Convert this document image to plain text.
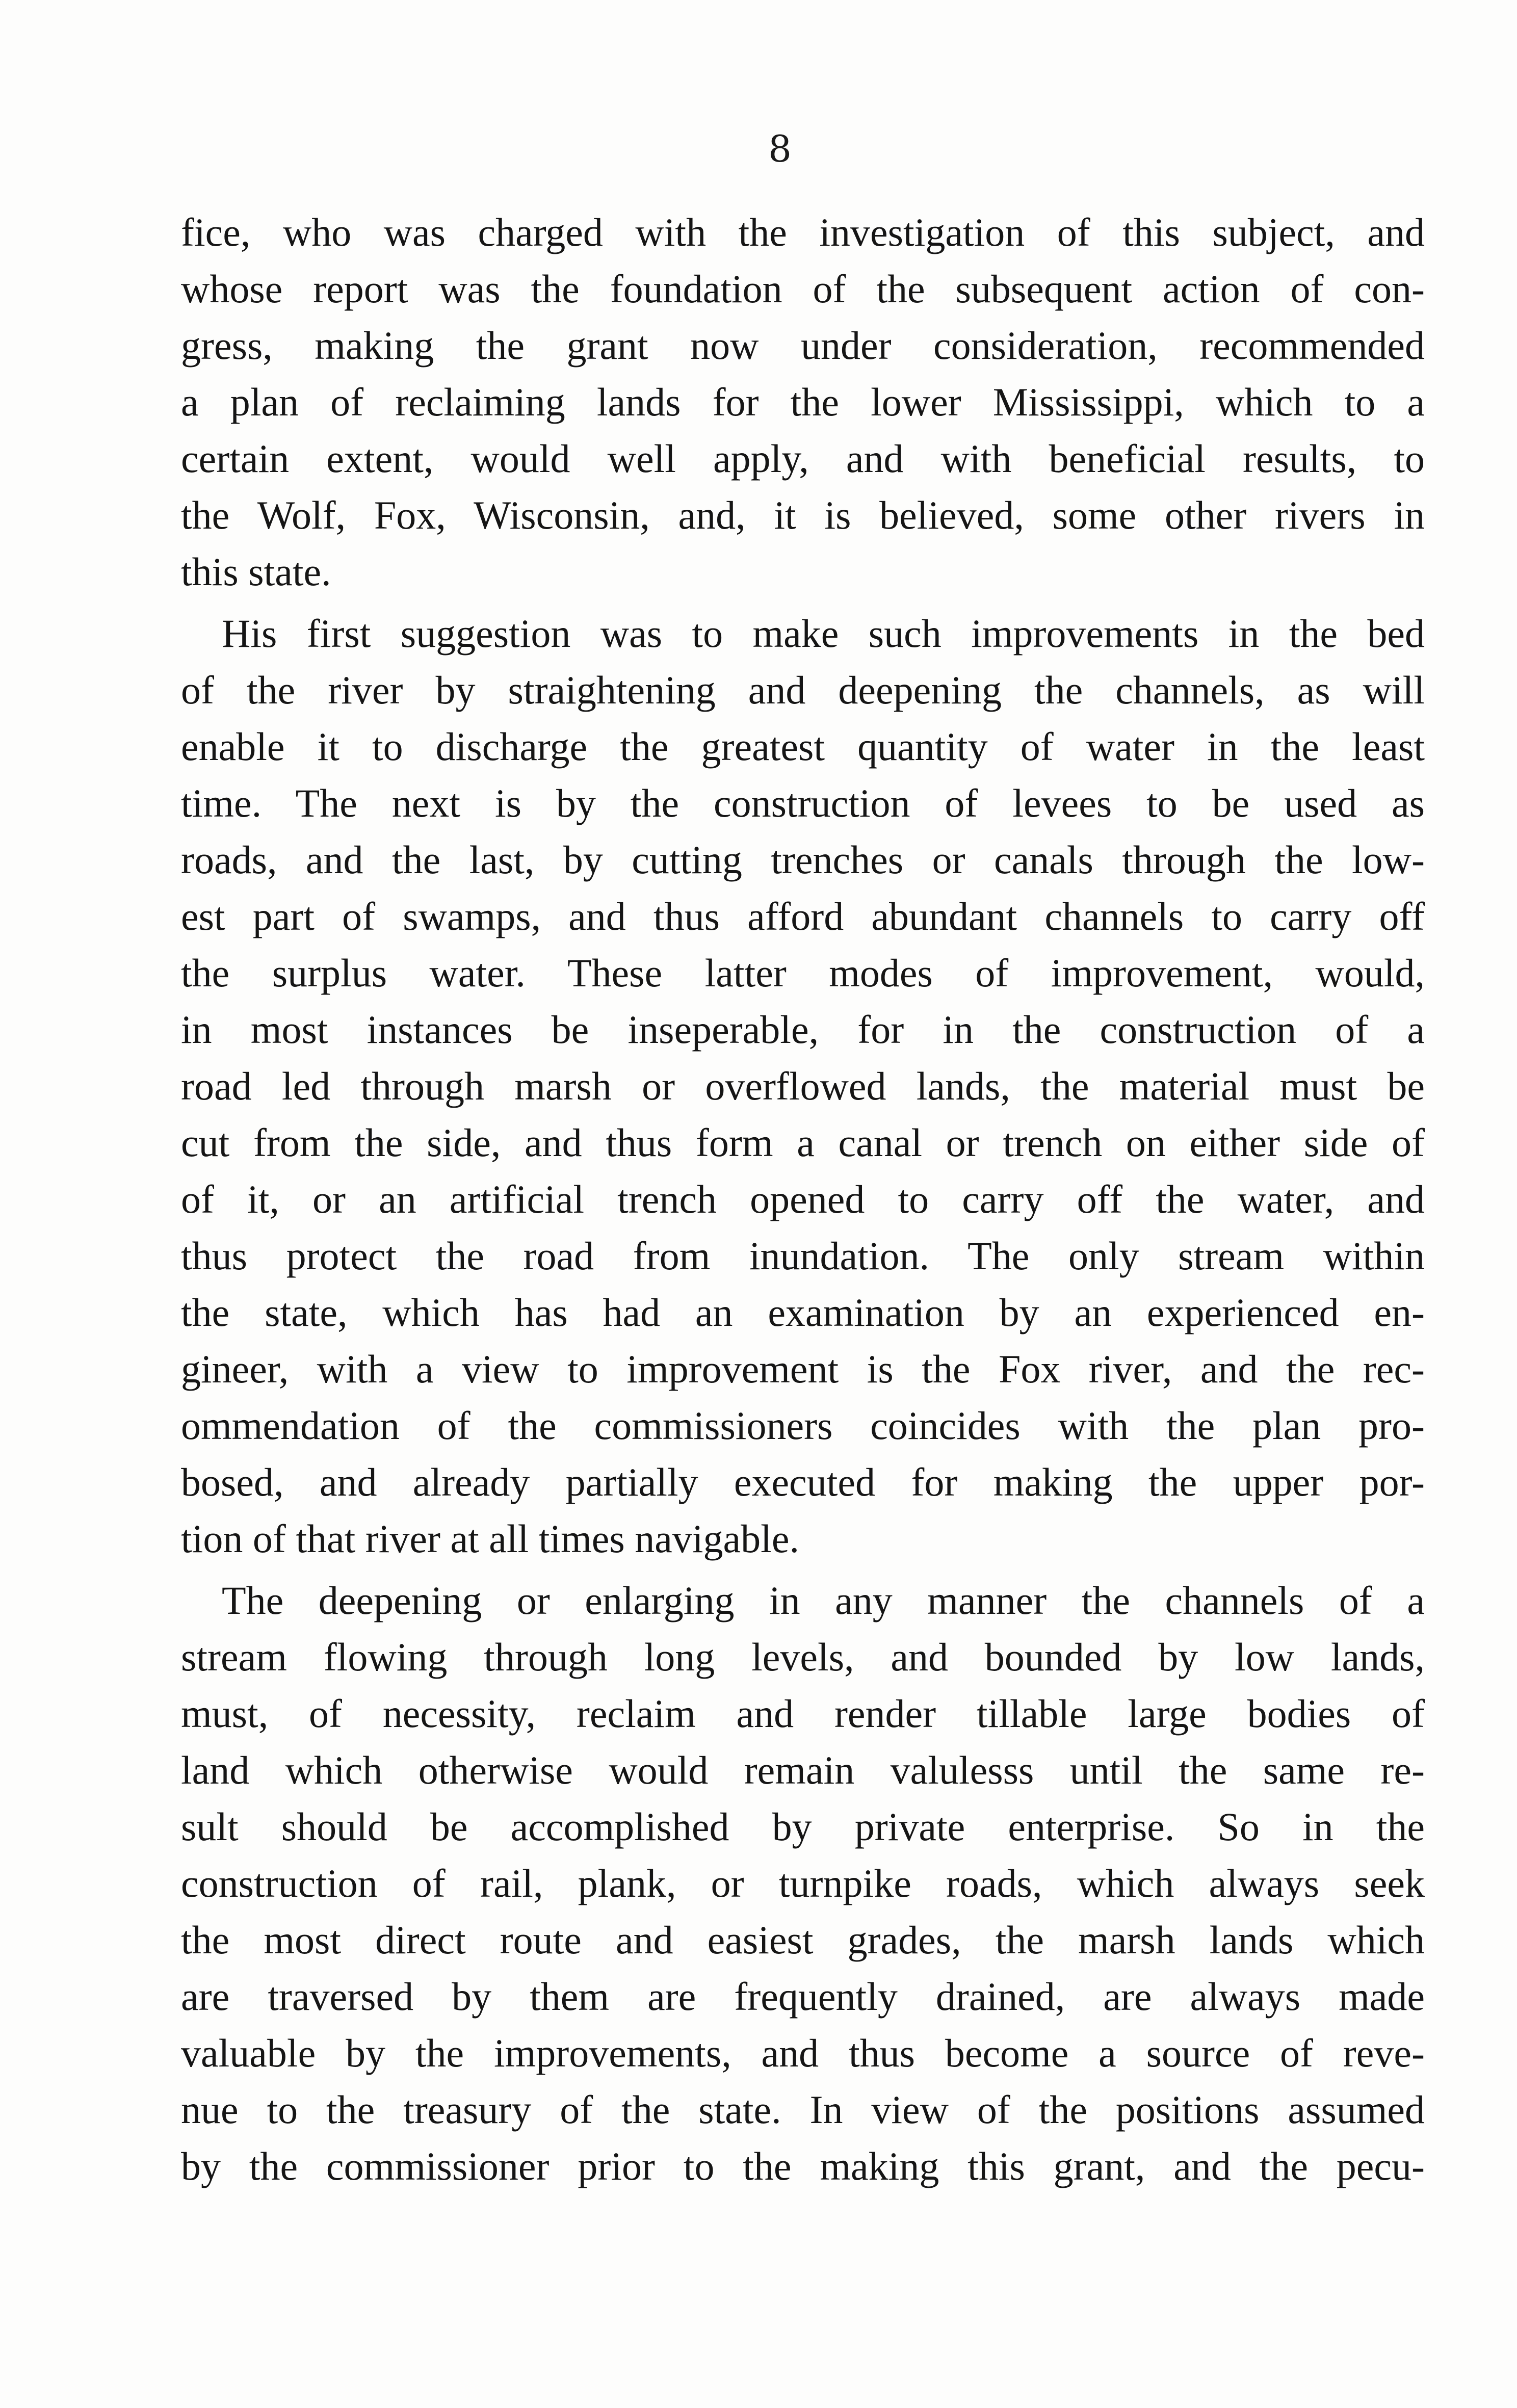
8
fice, who was charged with the investigation of this subject, and
whose report was the foundation of the subsequent action of con-
gress, making the grant now under consideration, recommended
a plan of reclaiming lands for the lower Mississippi, which to a
certain extent, would well apply, and with beneficial results, to
the Wolf, Fox, Wisconsin, and, it is believed, some other rivers in
this state.
His first suggestion was to make such improvements in the bed
of the river by straightening and deepening the channels, as will
enable it to discharge the greatest quantity of water in the least
time. The next is by the construction of levees to be used as
roads, and the last, by cutting trenches or canals through the low-
est part of swamps, and thus afford abundant channels to carry off
the surplus water. These latter modes of improvement, would,
in most instances be inseperable, for in the construction of a
road led through marsh or overflowed lands, the material must be
cut from the side, and thus form a canal or trench on either side of
of it, or an artificial trench opened to carry off the water, and
thus protect the road from inundation. The only stream within
the state, which has had an examination by an experienced en-
gineer, with a view to improvement is the Fox river, and the rec-
ommendation of the commissioners coincides with the plan pro-
bosed, and already partially executed for making the upper por-
tion of that river at all times navigable.
The deepening or enlarging in any manner the channels of a
stream flowing through long levels, and bounded by low lands,
must, of necessity, reclaim and render tillable large bodies of
land which otherwise would remain valulesss until the same re-
sult should be accomplished by private enterprise. So in the
construction of rail, plank, or turnpike roads, which always seek
the most direct route and easiest grades, the marsh lands which
are traversed by them are frequently drained, are always made
valuable by the improvements, and thus become a source of reve-
nue to the treasury of the state. In view of the positions assumed
by the commissioner prior to the making this grant, and the pecu-
